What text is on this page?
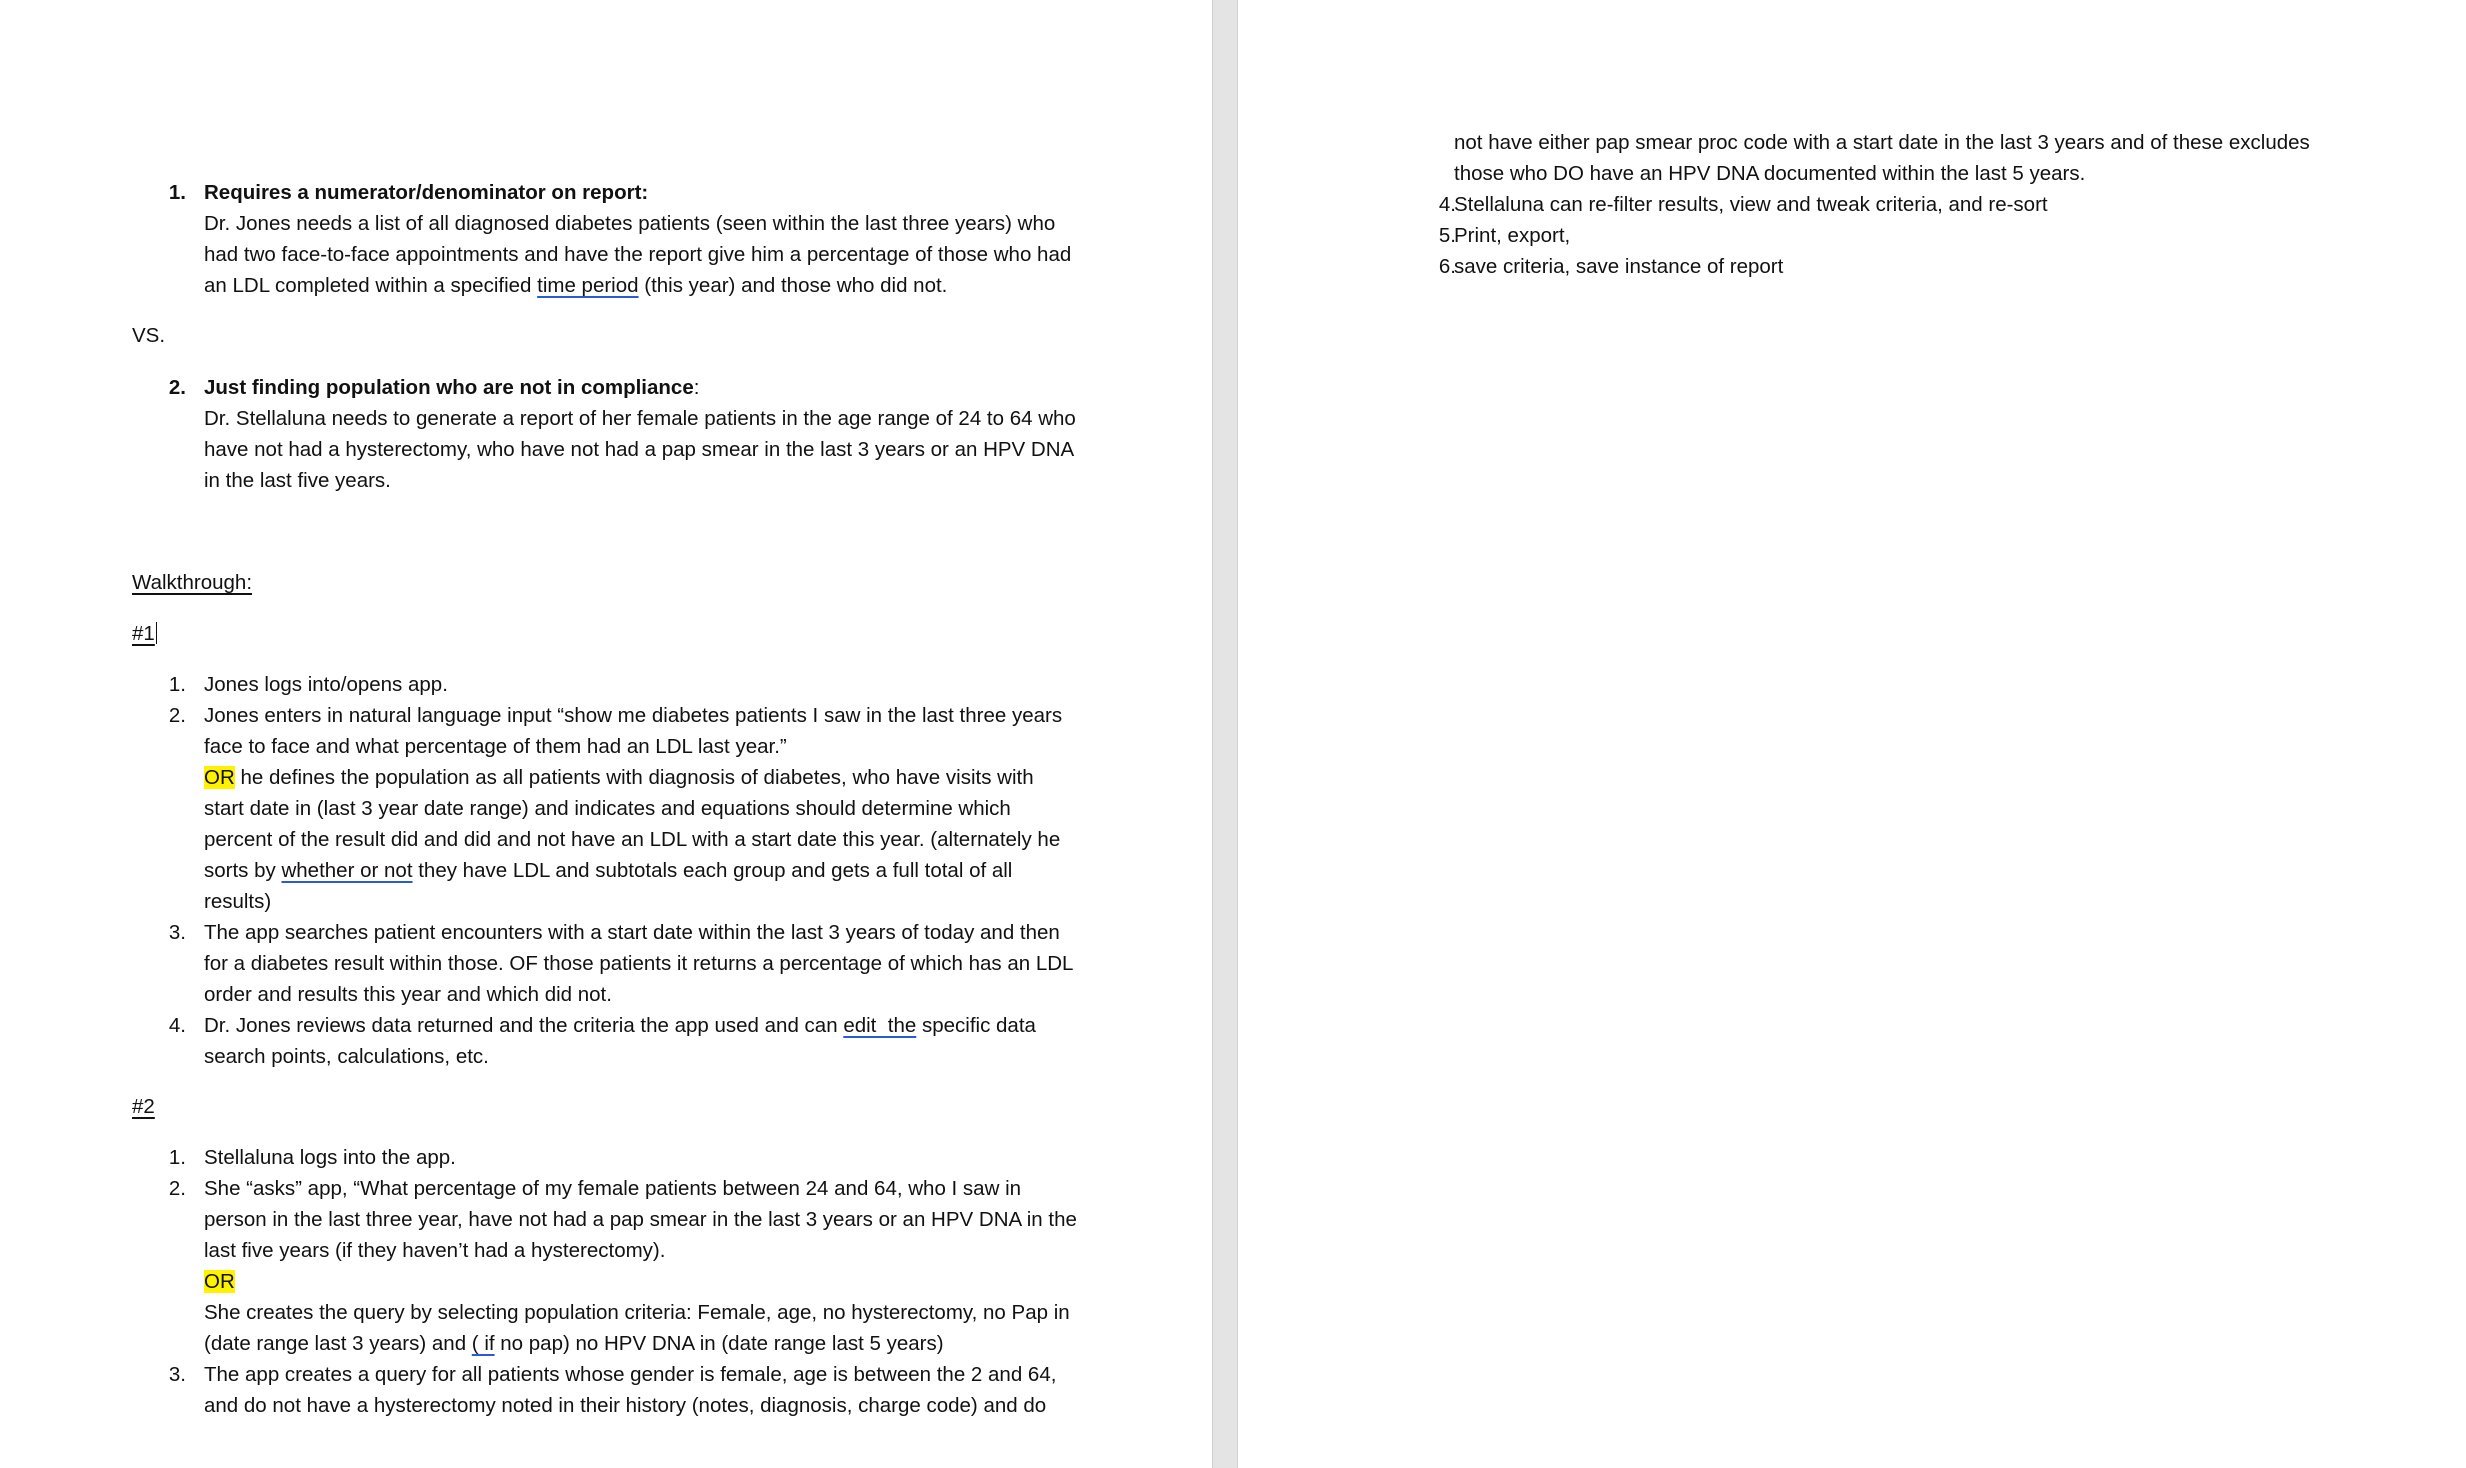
1. Requires a numerator/denominator on report:
Dr. Jones needs a list of all diagnosed diabetes patients (seen within the last three years) who
had two face-to-face appointments and have the report give him a percentage of those who had
an LDL completed within a specified time period (this year) and those who did not.
VS.
2. Just finding population who are not in compliance:
Dr. Stellaluna needs to generate a report of her female patients in the age range of 24 to 64 who
have not had a hysterectomy, who have not had a pap smear in the last 3 years or an HPV DNA
in the last five years.
Walkthrough:
#1
1. Jones logs into/opens app.
2. Jones enters in natural language input “show me diabetes patients I saw in the last three years
face to face and what percentage of them had an LDL last year.”
OR he defines the population as all patients with diagnosis of diabetes, who have visits with
start date in (last 3 year date range) and indicates and equations should determine which
percent of the result did and did and not have an LDL with a start date this year. (alternately he
sorts by whether or not they have LDL and subtotals each group and gets a full total of all
results)
3. The app searches patient encounters with a start date within the last 3 years of today and then
for a diabetes result within those. OF those patients it returns a percentage of which has an LDL
order and results this year and which did not.
4. Dr. Jones reviews data returned and the criteria the app used and can edit  the specific data
search points, calculations, etc.
#2
1. Stellaluna logs into the app.
2. She “asks” app, “What percentage of my female patients between 24 and 64, who I saw in
person in the last three year, have not had a pap smear in the last 3 years or an HPV DNA in the
last five years (if they haven’t had a hysterectomy).
OR
She creates the query by selecting population criteria: Female, age, no hysterectomy, no Pap in
(date range last 3 years) and ( if no pap) no HPV DNA in (date range last 5 years)
3. The app creates a query for all patients whose gender is female, age is between the 2 and 64,
and do not have a hysterectomy noted in their history (notes, diagnosis, charge code) and do
not have either pap smear proc code with a start date in the last 3 years and of these excludes
those who DO have an HPV DNA documented within the last 5 years.
4.
Stellaluna can re-filter results, view and tweak criteria, and re-sort
5.
Print, export,
6.
save criteria, save instance of report
